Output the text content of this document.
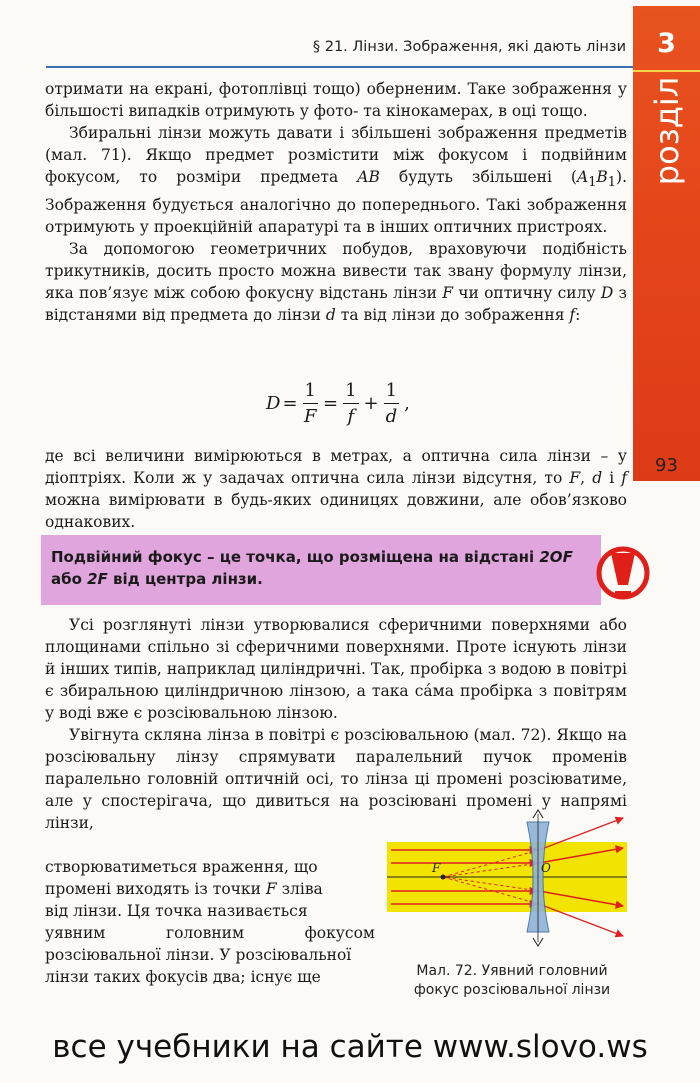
§ 21. Лінзи. Зображення, які дають лінзи	3
розділ
93

отримати на екрані, фотоплівці тощо) оберненим. Таке зображення у більшості випадків отримують у фото- та кінокамерах, в оці тощо.

Збиральні лінзи можуть давати і збільшені зображення предметів (мал. 71). Якщо предмет розмістити між фокусом і подвійним фокусом, то розміри предмета AB будуть збільшені $(A_1B_1)$. Зображення будується аналогічно до попереднього. Такі зображення отримують у проекційній апаратурі та в інших оптичних пристроях.

За допомогою геометричних побудов, враховуючи подібність трикутників, досить просто можна вивести так звану формулу лінзи, яка пов’язує між собою фокусну відстань лінзи F чи оптичну силу D з відстанями від предмета до лінзи d та від лінзи до зображення f:

$D = \frac{1}{F} = \frac{1}{f} + \frac{1}{d}$ ,

де всі величини вимірюються в метрах, а оптична сила лінзи – у діоптріях. Коли ж у задачах оптична сила лінзи відсутня, то F, d і f можна вимірювати в будь-яких одиницях довжини, але обов’язково однакових.

Подвійний фокус – це точка, що розміщена на відстані 2OF або 2F від центра лінзи.

Усі розглянуті лінзи утворювалися сферичними поверхнями або площинами спільно зі сферичними поверхнями. Проте існують лінзи й інших типів, наприклад циліндричні. Так, пробірка з водою в повітрі є збиральною циліндричною лінзою, а така сáма пробірка з повітрям у воді вже є розсіювальною лінзою.

Увігнута скляна лінза в повітрі є розсіювальною (мал. 72). Якщо на розсіювальну лінзу спрямувати паралельний пучок променів паралельно головній оптичній осі, то лінза ці промені розсіюватиме, але у спостерігача, що дивиться на розсіювані промені у напрямі лінзи,

створюватиметься враження, що

промені виходять із точки F зліва

від лінзи. Ця точка називається

уявним головним фокусом розсіювальної лінзи. У розсіювальної

лінзи таких фокусів два; існує ще

F	O
Мал. 72. Уявний головний фокус розсіювальної лінзи
все учебники на сайте www.slovo.ws
